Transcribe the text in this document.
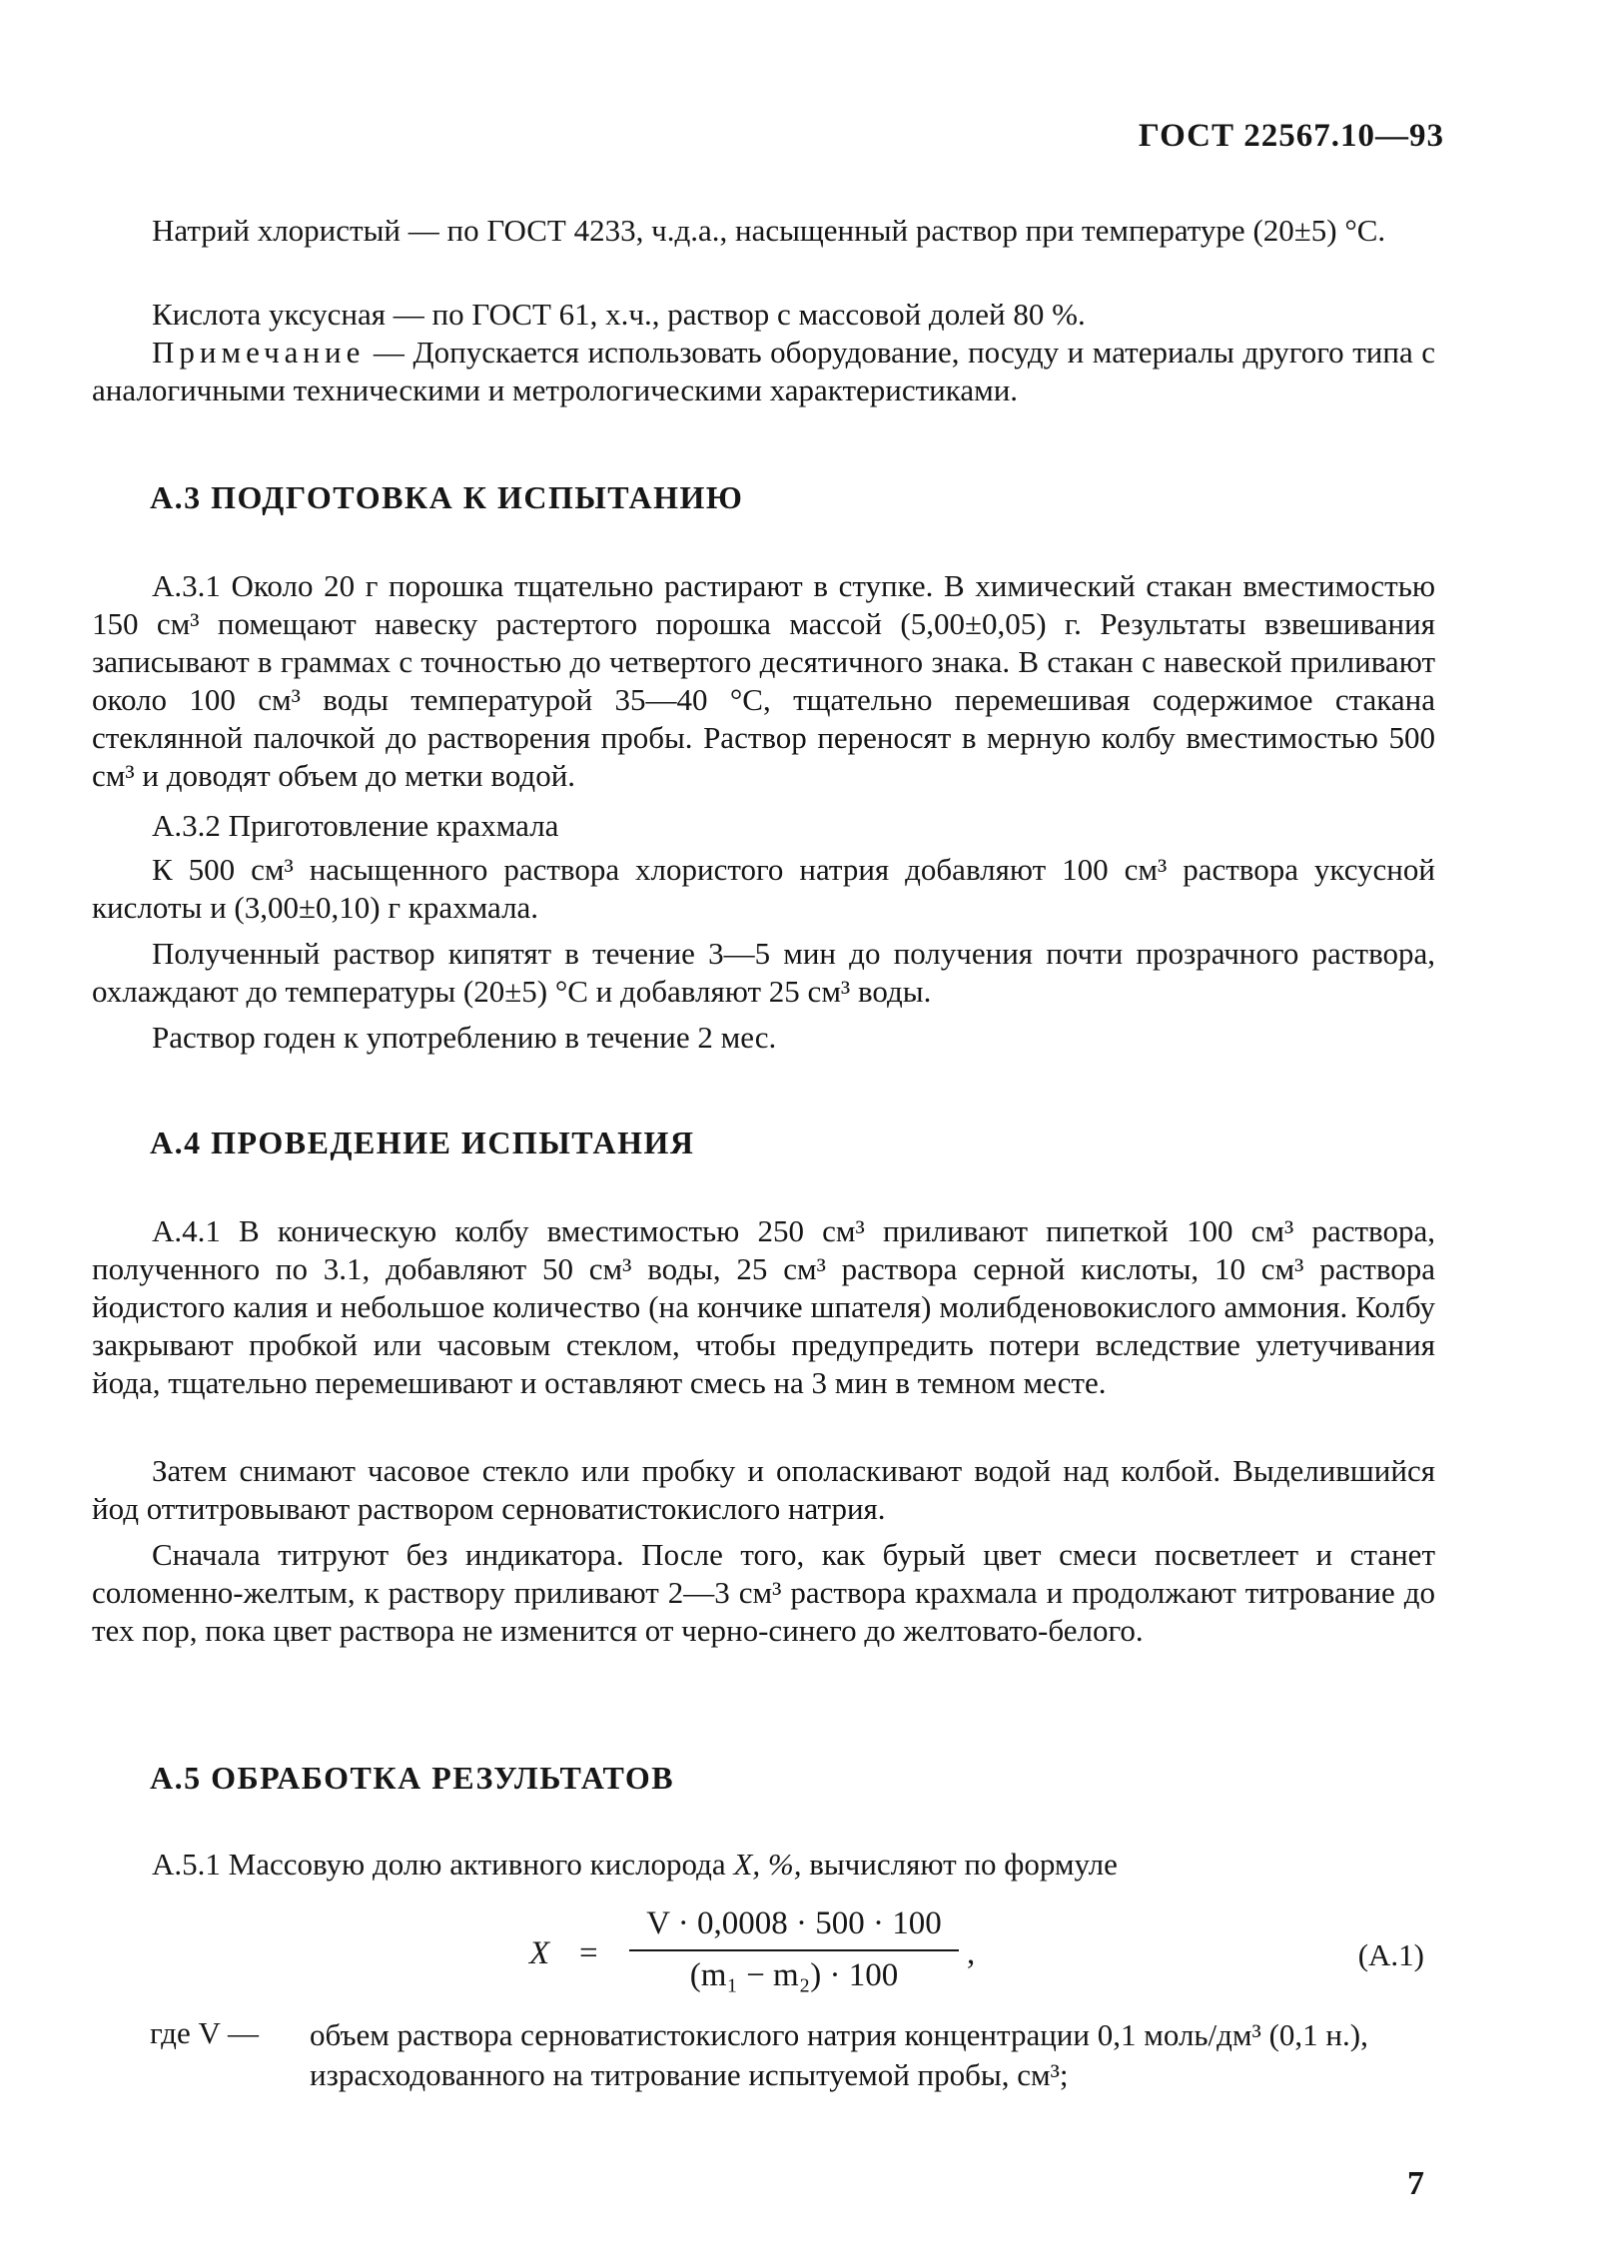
ГОСТ 22567.10—93

Натрий хлористый — по ГОСТ 4233, ч.д.а., насыщенный раствор при температуре (20±5) °С.

Кислота уксусная — по ГОСТ 61, х.ч., раствор с массовой долей 80 %.

Примечание — Допускается использовать оборудование, посуду и материалы другого типа с аналогичными техническими и метрологическими характеристиками.

А.3 ПОДГОТОВКА К ИСПЫТАНИЮ

А.3.1 Около 20 г порошка тщательно растирают в ступке. В химический стакан вместимостью 150 см³ помещают навеску растертого порошка массой (5,00±0,05) г. Результаты взвешивания записывают в граммах с точностью до четвертого десятичного знака. В стакан с навеской приливают около 100 см³ воды температурой 35—40 °С, тщательно перемешивая содержимое стакана стеклянной палочкой до растворения пробы. Раствор переносят в мерную колбу вместимостью 500 см³ и доводят объем до метки водой.

А.3.2 Приготовление крахмала

К 500 см³ насыщенного раствора хлористого натрия добавляют 100 см³ раствора уксусной кислоты и (3,00±0,10) г крахмала.

Полученный раствор кипятят в течение 3—5 мин до получения почти прозрачного раствора, охлаждают до температуры (20±5) °С и добавляют 25 см³ воды.

Раствор годен к употреблению в течение 2 мес.

А.4 ПРОВЕДЕНИЕ ИСПЫТАНИЯ

А.4.1 В коническую колбу вместимостью 250 см³ приливают пипеткой 100 см³ раствора, полученного по 3.1, добавляют 50 см³ воды, 25 см³ раствора серной кислоты, 10 см³ раствора йодистого калия и небольшое количество (на кончике шпателя) молибденовокислого аммония. Колбу закрывают пробкой или часовым стеклом, чтобы предупредить потери вследствие улетучивания йода, тщательно перемешивают и оставляют смесь на 3 мин в темном месте.

Затем снимают часовое стекло или пробку и ополаскивают водой над колбой. Выделившийся йод оттитровывают раствором серноватистокислого натрия.

Сначала титруют без индикатора. После того, как бурый цвет смеси посветлеет и станет соломенно-желтым, к раствору приливают 2—3 см³ раствора крахмала и продолжают титрование до тех пор, пока цвет раствора не изменится от черно-синего до желтовато-белого.

А.5 ОБРАБОТКА РЕЗУЛЬТАТОВ

А.5.1 Массовую долю активного кислорода X, %, вычисляют по формуле

X =
V · 0,0008 · 500 · 100
(m₁ − m₂) · 100
,	(А.1)
где V — объем раствора серноватистокислого натрия концентрации 0,1 моль/дм³ (0,1 н.), израсходованного на титрование испытуемой пробы, см³;

7
